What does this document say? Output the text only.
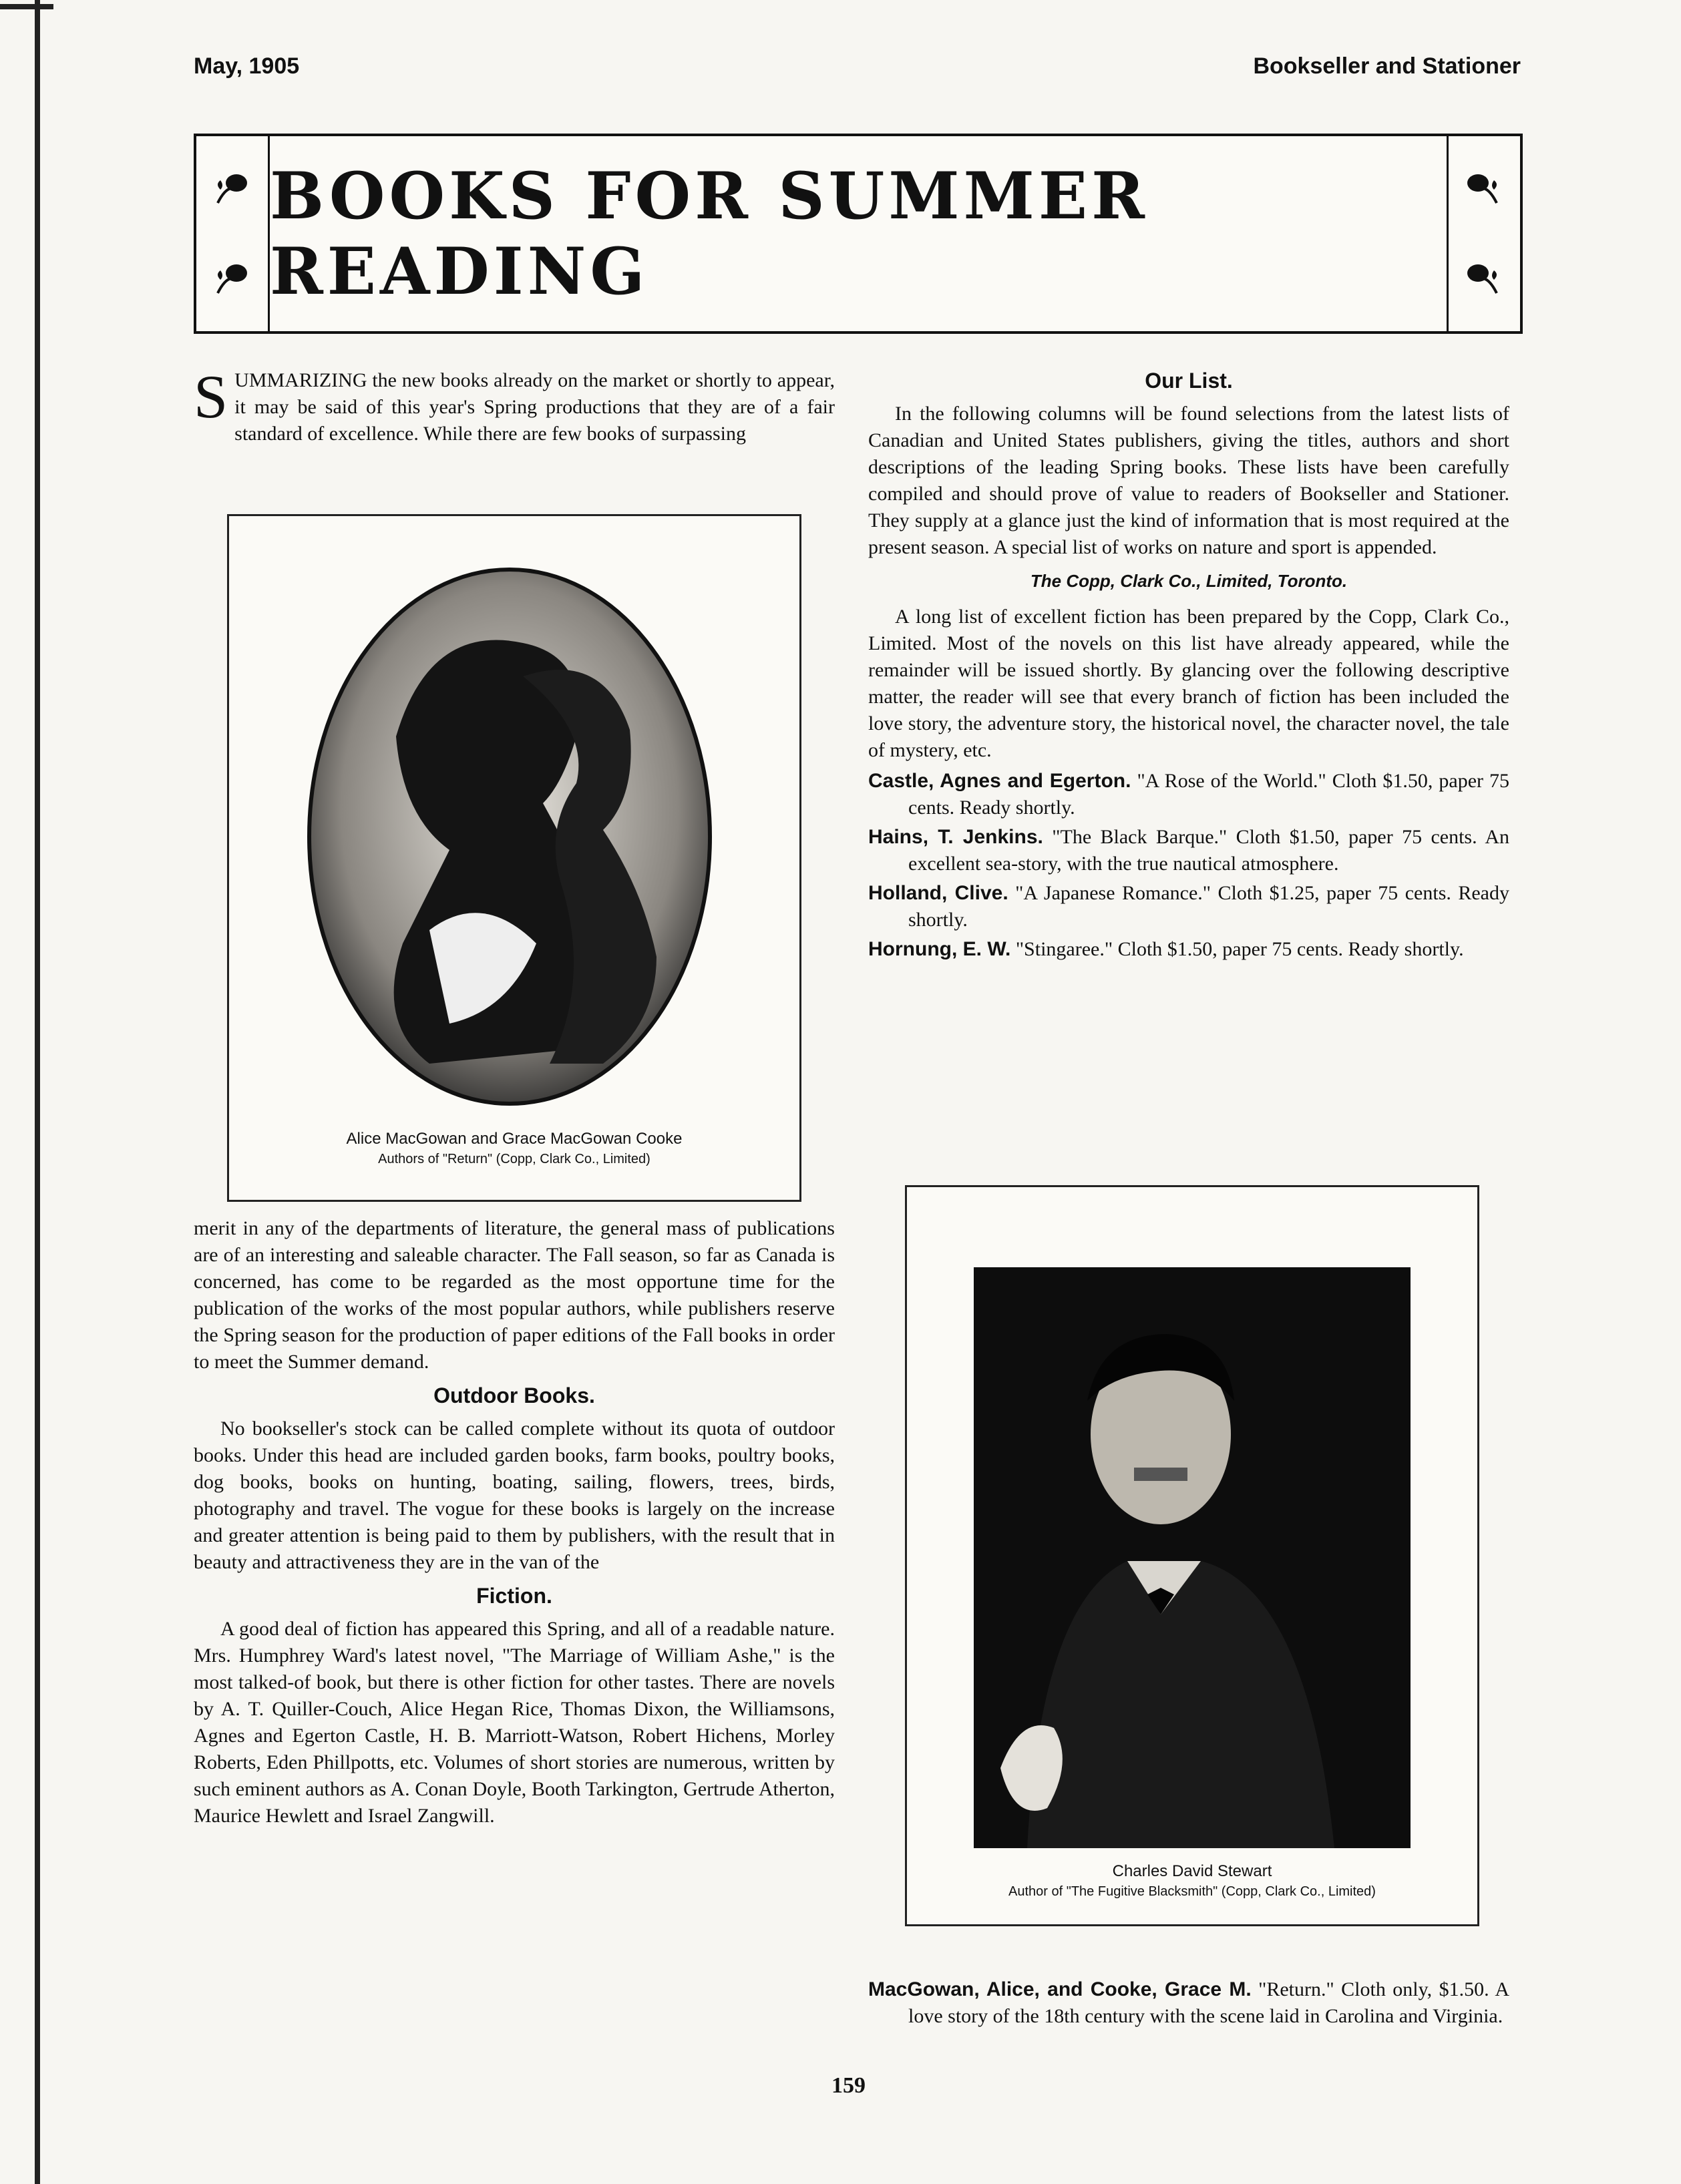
May, 1905	Bookseller and Stationer
BOOKS FOR SUMMER READING

S UMMARIZING the new books already on the market or shortly to appear, it may be said of this year's Spring productions that they are of a fair standard of excellence. While there are few books of surpassing

Alice MacGowan and Grace MacGowan Cooke
Authors of "Return" (Copp, Clark Co., Limited)

merit in any of the departments of literature, the general mass of publications are of an interesting and saleable character. The Fall season, so far as Canada is concerned, has come to be regarded as the most opportune time for the publication of the works of the most popular authors, while publishers reserve the Spring season for the production of paper editions of the Fall books in order to meet the Summer demand.

Outdoor Books.

No bookseller's stock can be called complete without its quota of outdoor books. Under this head are included garden books, farm books, poultry books, dog books, books on hunting, boating, sailing, flowers, trees, birds, photography and travel. The vogue for these books is largely on the increase and greater attention is being paid to them by publishers, with the result that in beauty and attractiveness they are in the van of the

Fiction.

A good deal of fiction has appeared this Spring, and all of a readable nature. Mrs. Humphrey Ward's latest novel, "The Marriage of William Ashe," is the most talked-of book, but there is other fiction for other tastes. There are novels by A. T. Quiller-Couch, Alice Hegan Rice, Thomas Dixon, the Williamsons, Agnes and Egerton Castle, H. B. Marriott-Watson, Robert Hichens, Morley Roberts, Eden Phillpotts, etc. Volumes of short stories are numerous, written by such eminent authors as A. Conan Doyle, Booth Tarkington, Gertrude Atherton, Maurice Hewlett and Israel Zangwill.

Our List.

In the following columns will be found selections from the latest lists of Canadian and United States publishers, giving the titles, authors and short descriptions of the leading Spring books. These lists have been carefully compiled and should prove of value to readers of Bookseller and Stationer. They supply at a glance just the kind of information that is most required at the present season. A special list of works on nature and sport is appended.

The Copp, Clark Co., Limited, Toronto.

A long list of excellent fiction has been prepared by the Copp, Clark Co., Limited. Most of the novels on this list have already appeared, while the remainder will be issued shortly. By glancing over the following descriptive matter, the reader will see that every branch of fiction has been included the love story, the adventure story, the historical novel, the character novel, the tale of mystery, etc.

Castle, Agnes and Egerton. "A Rose of the World." Cloth $1.50, paper 75 cents. Ready shortly.
Hains, T. Jenkins. "The Black Barque." Cloth $1.50, paper 75 cents. An excellent sea-story, with the true nautical atmosphere.
Holland, Clive. "A Japanese Romance." Cloth $1.25, paper 75 cents. Ready shortly.
Hornung, E. W. "Stingaree." Cloth $1.50, paper 75 cents. Ready shortly.
Charles David Stewart
Author of "The Fugitive Blacksmith" (Copp, Clark Co., Limited)
MacGowan, Alice, and Cooke, Grace M. "Return." Cloth only, $1.50. A love story of the 18th century with the scene laid in Carolina and Virginia.
159
